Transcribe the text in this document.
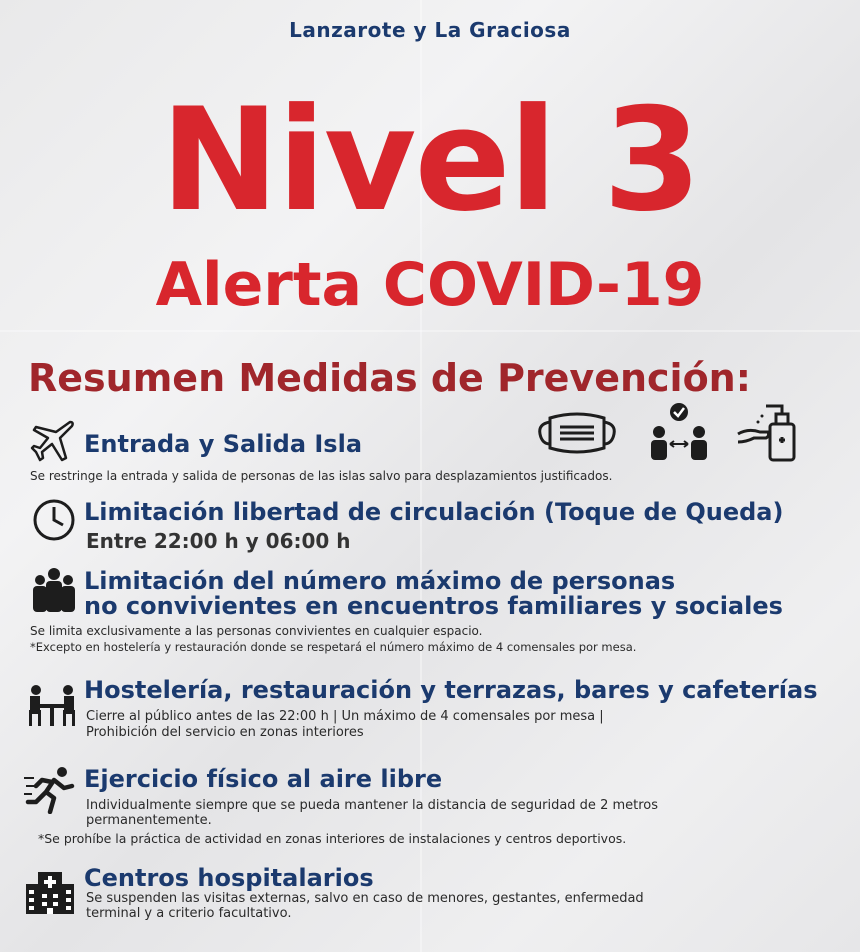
Lanzarote y La Graciosa
Nivel 3
Alerta COVID-19
Resumen Medidas de Prevención:
Entrada y Salida Isla
Se restringe la entrada y salida de personas de las islas salvo para desplazamientos justificados.
Limitación libertad de circulación (Toque de Queda)
Entre 22:00 h y 06:00 h
Limitación del número máximo de personas
no convivientes en encuentros familiares y sociales
Se limita exclusivamente a las personas convivientes en cualquier espacio.
*Excepto en hostelería y restauración donde se respetará el número máximo de 4 comensales por mesa.
Hostelería, restauración y terrazas, bares y cafeterías
Cierre al público antes de las 22:00 h | Un máximo de 4 comensales por mesa |
Prohibición del servicio en zonas interiores
Ejercicio físico al aire libre
Individualmente siempre que se pueda mantener la distancia de seguridad de 2 metros
permanentemente.
*Se prohíbe la práctica de actividad en zonas interiores de instalaciones y centros deportivos.
Centros hospitalarios
Se suspenden las visitas externas, salvo en caso de menores, gestantes, enfermedad
terminal y a criterio facultativo.
